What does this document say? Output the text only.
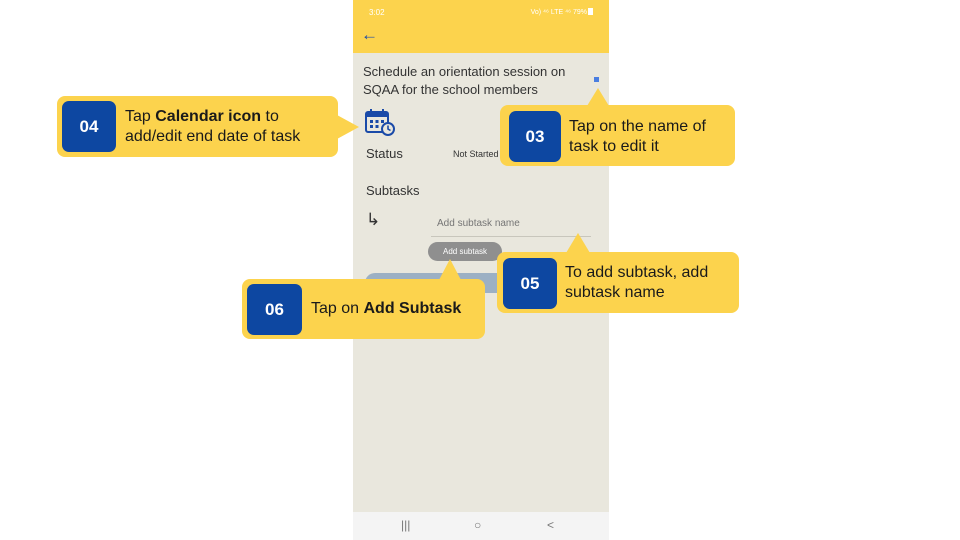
3:02	Vo) ⁴⁶ LTE ⁴⁶ 79%
←
Schedule an orientation session on SQAA for the school members
Status	Not Started
Subtasks
↳
Add subtask name
Add subtask
|||	○	<
04	Tap Calendar icon to add/edit end date of task	03	Tap on the name of task to edit it
05
To add subtask, add subtask name
06	Tap on Add Subtask
